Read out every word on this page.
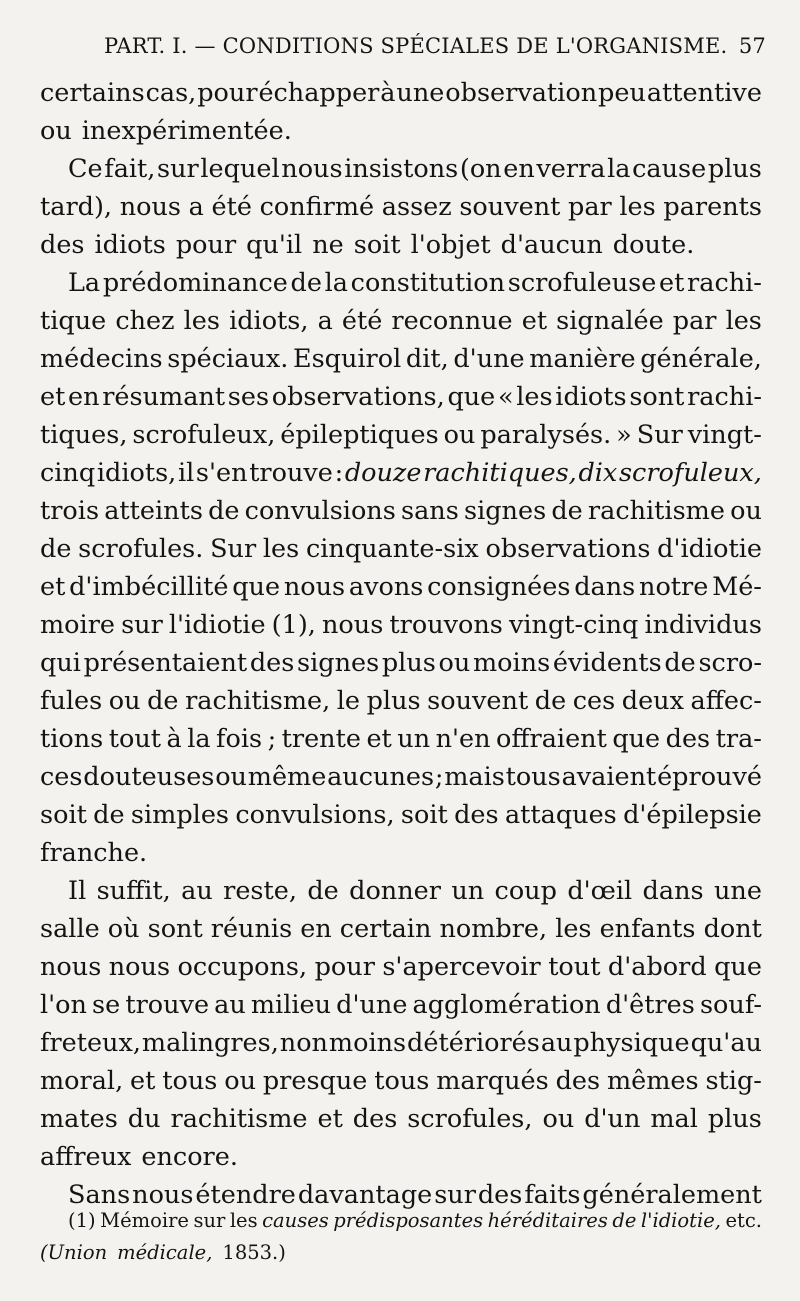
PART. I. — CONDITIONS SPÉCIALES DE L'ORGANISME. 57
certains cas, pour échapper à une observation peu attentive
ou inexpérimentée.
Ce fait, sur lequel nous insistons (on en verra la cause plus
tard), nous a été confirmé assez souvent par les parents
des idiots pour qu'il ne soit l'objet d'aucun doute.
La prédominance de la constitution scrofuleuse et rachi-
tique chez les idiots, a été reconnue et signalée par les
médecins spéciaux. Esquirol dit, d'une manière générale,
et en résumant ses observations, que « les idiots sont rachi-
tiques, scrofuleux, épileptiques ou paralysés. » Sur vingt-
cinq idiots, il s'en trouve : douze rachitiques, dix scrofuleux,
trois atteints de convulsions sans signes de rachitisme ou
de scrofules. Sur les cinquante-six observations d'idiotie
et d'imbécillité que nous avons consignées dans notre Mé-
moire sur l'idiotie (1), nous trouvons vingt-cinq individus
qui présentaient des signes plus ou moins évidents de scro-
fules ou de rachitisme, le plus souvent de ces deux affec-
tions tout à la fois ; trente et un n'en offraient que des tra-
ces douteuses ou même aucunes ; mais tous avaient éprouvé
soit de simples convulsions, soit des attaques d'épilepsie
franche.
Il suffit, au reste, de donner un coup d'œil dans une
salle où sont réunis en certain nombre, les enfants dont
nous nous occupons, pour s'apercevoir tout d'abord que
l'on se trouve au milieu d'une agglomération d'êtres souf-
freteux, malingres, non moins détériorés au physique qu'au
moral, et tous ou presque tous marqués des mêmes stig-
mates du rachitisme et des scrofules, ou d'un mal plus
affreux encore.
Sans nous étendre davantage sur des faits généralement
(1) Mémoire sur les causes prédisposantes héréditaires de l'idiotie, etc.
(Union médicale, 1853.)
